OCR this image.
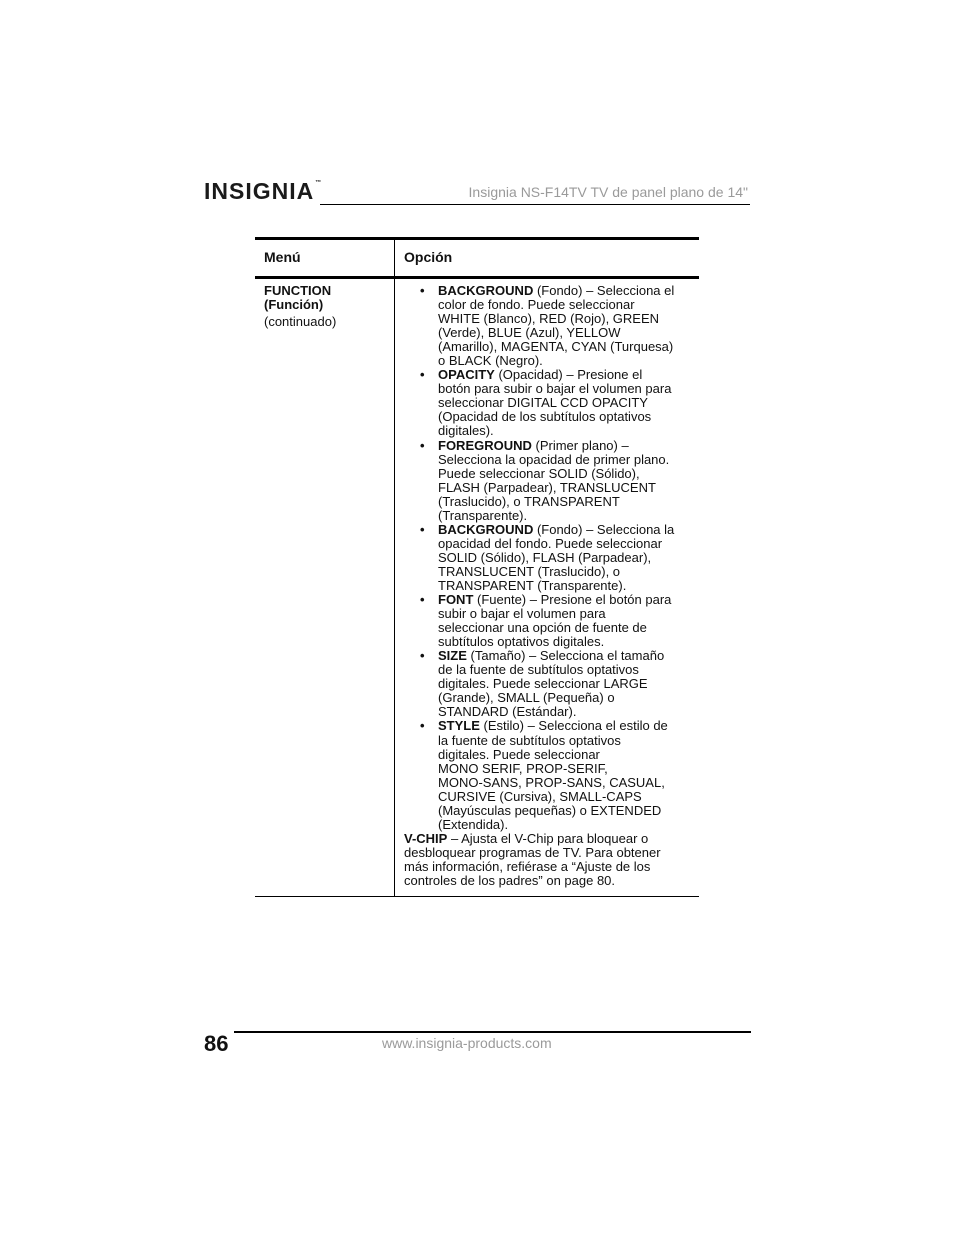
INSIGNIA™
Insignia NS-F14TV TV de panel plano de 14"
Menú	Opción
FUNCTION
(Función)
(continuado)
• BACKGROUND (Fondo) – Selecciona el
color de fondo. Puede seleccionar
WHITE (Blanco), RED (Rojo), GREEN
(Verde), BLUE (Azul), YELLOW
(Amarillo), MAGENTA, CYAN (Turquesa)
o BLACK (Negro).
• OPACITY (Opacidad) – Presione el
botón para subir o bajar el volumen para
seleccionar DIGITAL CCD OPACITY
(Opacidad de los subtítulos optativos
digitales).
• FOREGROUND (Primer plano) –
Selecciona la opacidad de primer plano.
Puede seleccionar SOLID (Sólido),
FLASH (Parpadear), TRANSLUCENT
(Traslucido), o TRANSPARENT
(Transparente).
• BACKGROUND (Fondo) – Selecciona la
opacidad del fondo. Puede seleccionar
SOLID (Sólido), FLASH (Parpadear),
TRANSLUCENT (Traslucido), o
TRANSPARENT (Transparente).
• FONT (Fuente) – Presione el botón para
subir o bajar el volumen para
seleccionar una opción de fuente de
subtítulos optativos digitales.
• SIZE (Tamaño) – Selecciona el tamaño
de la fuente de subtítulos optativos
digitales. Puede seleccionar LARGE
(Grande), SMALL (Pequeña) o
STANDARD (Estándar).
• STYLE (Estilo) – Selecciona el estilo de
la fuente de subtítulos optativos
digitales. Puede seleccionar
MONO SERIF, PROP-SERIF,
MONO-SANS, PROP-SANS, CASUAL,
CURSIVE (Cursiva), SMALL-CAPS
(Mayúsculas pequeñas) o EXTENDED
(Extendida).
V-CHIP – Ajusta el V-Chip para bloquear o
desbloquear programas de TV. Para obtener
más información, refiérase a “Ajuste de los
controles de los padres” on page 80.
86	www.insignia-products.com
